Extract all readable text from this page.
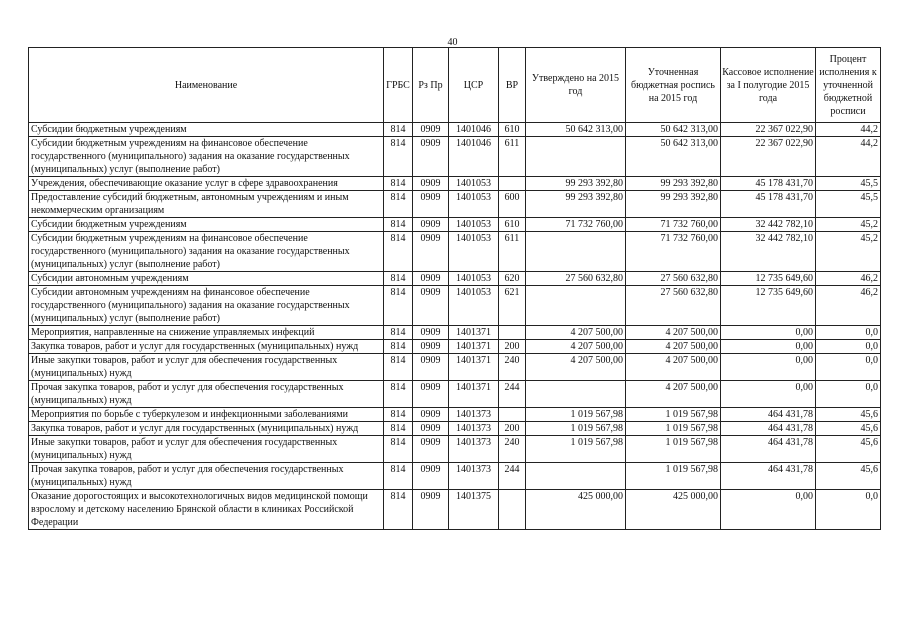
40
Наименование	ГРБС	Рз Пр	ЦСР	ВР	Утверждено на 2015 год	Уточненная бюджетная роспись на 2015 год	Кассовое исполнение за I полугодие 2015 года	Процент исполнения к уточненной бюджетной росписи
Субсидии бюджетным учреждениям	814	0909	1401046	610	50 642 313,00	50 642 313,00	22 367 022,90	44,2
Субсидии бюджетным учреждениям на финансовое обеспечение государственного (муниципального) задания на оказание государственных (муниципальных) услуг (выполнение работ)	814	0909	1401046	611		50 642 313,00	22 367 022,90	44,2
Учреждения, обеспечивающие оказание услуг в сфере здравоохранения	814	0909	1401053		99 293 392,80	99 293 392,80	45 178 431,70	45,5
Предоставление субсидий бюджетным, автономным учреждениям и иным некоммерческим организациям	814	0909	1401053	600	99 293 392,80	99 293 392,80	45 178 431,70	45,5
Субсидии бюджетным учреждениям	814	0909	1401053	610	71 732 760,00	71 732 760,00	32 442 782,10	45,2
Субсидии бюджетным учреждениям на финансовое обеспечение государственного (муниципального) задания на оказание государственных (муниципальных) услуг (выполнение работ)	814	0909	1401053	611		71 732 760,00	32 442 782,10	45,2
Субсидии автономным учреждениям	814	0909	1401053	620	27 560 632,80	27 560 632,80	12 735 649,60	46,2
Субсидии автономным учреждениям на финансовое обеспечение государственного (муниципального) задания на оказание государственных (муниципальных) услуг (выполнение работ)	814	0909	1401053	621		27 560 632,80	12 735 649,60	46,2
Мероприятия, направленные на снижение управляемых инфекций	814	0909	1401371		4 207 500,00	4 207 500,00	0,00	0,0
Закупка товаров, работ и услуг для государственных (муниципальных) нужд	814	0909	1401371	200	4 207 500,00	4 207 500,00	0,00	0,0
Иные закупки товаров, работ и услуг для обеспечения государственных (муниципальных) нужд	814	0909	1401371	240	4 207 500,00	4 207 500,00	0,00	0,0
Прочая закупка товаров, работ и услуг для обеспечения государственных (муниципальных) нужд	814	0909	1401371	244		4 207 500,00	0,00	0,0
Мероприятия по борьбе с туберкулезом и инфекционными заболеваниями	814	0909	1401373		1 019 567,98	1 019 567,98	464 431,78	45,6
Закупка товаров, работ и услуг для государственных (муниципальных) нужд	814	0909	1401373	200	1 019 567,98	1 019 567,98	464 431,78	45,6
Иные закупки товаров, работ и услуг для обеспечения государственных (муниципальных) нужд	814	0909	1401373	240	1 019 567,98	1 019 567,98	464 431,78	45,6
Прочая закупка товаров, работ и услуг для обеспечения государственных (муниципальных) нужд	814	0909	1401373	244		1 019 567,98	464 431,78	45,6
Оказание дорогостоящих и высокотехнологичных видов медицинской помощи взрослому и детскому населению Брянской области в клиниках Российской Федерации	814	0909	1401375		425 000,00	425 000,00	0,00	0,0
